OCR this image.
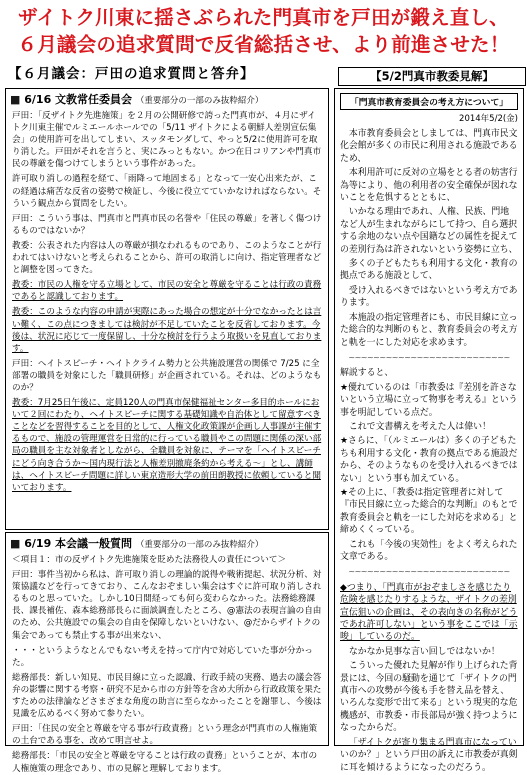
ザイトク川東に揺さぶられた門真市を戸田が鍛え直し、
６月議会の追求質問で反省総括させ、より前進させた！
【６月議会：戸田の追求質問と答弁】	【5/2門真市教委見解】
■ 6/16 文教常任委員会 （重要部分の一部のみ抜粋紹介）

戸田：「反ザイトク先進施策」を２月の公開研修で誇った門真市が、４月にザイトク川東主催でルミエールホールでの「5/11 ザイトクによる朝鮮人差別宣伝集会」の使用許可を出してしまい、スッタモンダして、やっと5/2に使用許可を取り消した。戸田がそれを言うと、実にみっともない。かつ在日コリアンや門真市民の尊厳を傷つけてしまうという事件があった。

許可取り消しの過程を経て、「雨降って地固まる」となって一安心出来たが、この経過は痛苦な反省の姿勢で検証し、今後に役立てていかなければならない。そういう観点から質問をしたい。

戸田：こういう事は、門真市と門真市民の名誉や「住民の尊厳」を著しく傷つけるものではないか？

教委：公表された内容は人の尊厳が損なわれるものであり、このようなことが行われてはいけないと考えられることから、許可の取消しに向け、指定管理者などと調整を図ってきた。

教委：市民の人権を守る立場として、市民の安全と尊厳を守ることは行政の責務であると認識しております。

教委：このような内容の申請が実際にあった場合の想定が十分でなかったとは言い難く、この点につきましては検討が不足していたことを反省しております。今後は、状況に応じて一度保留し、十分な検討を行うよう取扱いを見直しております。

戸田：ヘイトスピーチ・ヘイトクライム勢力と公共施設運営の関係で 7/25 に全部署の職員を対象にした「職員研修」が企画されている。それは、どのようなものか？

教委：7月25日午後に、定員120人の門真市保健福祉センター多目的ホールにおいて２回にわたり、ヘイトスピーチに関する基礎知識や自治体として留意すべきことなどを習得することを目的として、人権文化政策課が企画し人事課が主催するもので、施設の管理運営を日常的に行っている職員やこの問題に関係の深い部局の職員を主な対象者としながら、全職員を対象に、テーマを「ヘイトスピーチにどう向き合うか～国内現行法と人権差別撤廃条約から考える～」とし、講師は、ヘイトスピーチ問題に詳しい東京造形大学の前田朗教授に依頼していると聞いております。

■ 6/19 本会議一般質問 （重要部分の一部のみ抜粋紹介）

＜項目１：市の反ザイトク先進施策を貶めた法務役人の責任について＞

戸田：事件当初から私は、許可取り消しの理論的説得や戦術提起、状況分析、対策協議などを行ってきており、こんなおぞましい集会はすぐに許可取り消しされるものと思っていた。しかし10日間経っても何ら変わらなかった。法務総務課長、課長補佐、森本総務部長らに面談調査したところ、@憲法の表現言論の自由のため、公共施設での集会の自由を保障しないといけない、@だからザイトクの集会であっても禁止する事が出来ない、

・・・というようなとんでもない考えを持って庁内で対応していた事が分かった。

総務部長：新しい知見、市民目線に立った認識、行政手続の実務、過去の議会答弁の影響に関する考察・研究不足から市の方針等を含め大所から行政政策を果たすための法律論などさまざまな角度の助言に至らなかったことを謝罪し、今後は見識を広めるべく努めて参りたい。

戸田：「住民の安全と尊厳を守る事が行政責務」という理念が門真市の人権施策の土台である事を、改めて明言せよ。

総務部長：「市民の安全と尊厳を守ることは行政の責務」ということが、本市の人権施策の理念であり、市の見解と理解しております。

「門真市教育委員会の考え方について」
2014年5/2(金)

本市教育委員会としましては、門真市民文化会館が多くの市民に利用される施設であるため、

本利用許可に反対の立場をとる者の妨害行為等により、他の利用者の安全確保が図れないことを危惧するとともに、

いかなる理由であれ、人権、民族、門地など人が生まれながらにして持つ、自ら選択する余地のない点や国籍などの属性を捉えての差別行為は許されないという姿勢に立ち、

多くの子どもたちも利用する文化・教育の拠点である施設として、

受け入れるべきではないという考え方であります。

本施設の指定管理者にも、市民目線に立った総合的な判断のもと、教育委員会の考え方と軌を一にした対応を求めます。

~~~~~~~~~~~~~~~~~~~~~~~~~~

解説すると、

★優れているのは「市教委は『差別を許さないという立場に立って物事を考える』という事を明記している点だ。

これで文書構えを考えた人は偉い！

★さらに、「（ルミエールは）多くの子どもたちも利用する文化・教育の拠点である施設だから、そのようなものを受け入れるべきではない」という事も加えている。

★その上に、「教委は指定管理者に対して『市民目線に立った総合的な判断』のもとで教育委員会と軌を一にした対応を求める」と締めくくっている。

これも「今後の実効性」をよく考えられた文章である。

~~~~~~~~~~~~~~~~~~~~~~~~~~

◆つまり、「門真市がおぞましさを感じたり危険を感じたりするような、ザイトクの差別宣伝狙いの企画は、その表向きの名称がどうであれ許可しない」という事をここでは「示唆」しているのだ。

なかなか見事な言い回しではないか！

こういった優れた見解が作り上げられた背景には、今回の騒動を通じて「ザイトクの門真市への攻勢が今後も手を替え品を替え、いろんな変形で出て来る」という現実的な危機感が、市教委・市長部局が強く持つようになったからだ。

「ザイトクが寄り集まる門真市になっていいのか？」という戸田の訴えに市教委が真剣に耳を傾けるようになったのだろう。
